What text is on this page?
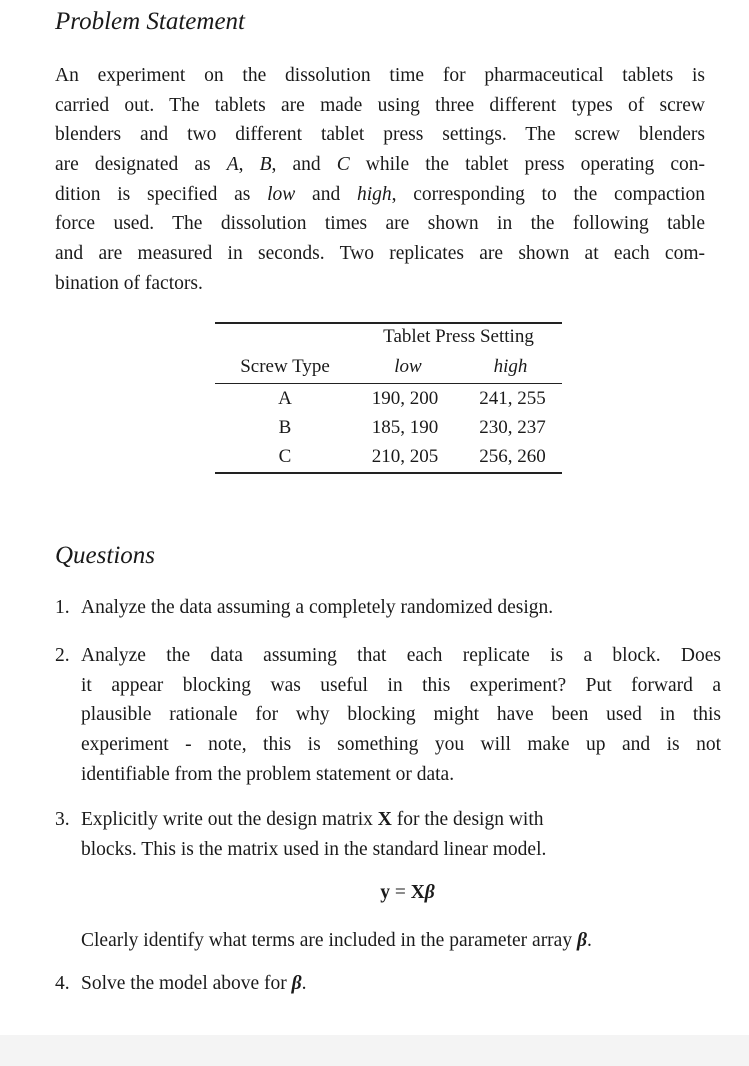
Problem Statement
An experiment on the dissolution time for pharmaceutical tablets is
carried out. The tablets are made using three different types of screw
blenders and two different tablet press settings. The screw blenders
are designated as A, B, and C while the tablet press operating con-
dition is specified as low and high, corresponding to the compaction
force used. The dissolution times are shown in the following table
and are measured in seconds. Two replicates are shown at each com-
bination of factors.
Tablet Press Setting
Screw Type	low	high
A	190, 200	241, 255
B	185, 190	230, 237
C	210, 205	256, 260
Questions
1. Analyze the data assuming a completely randomized design.
2. Analyze the data assuming that each replicate is a block. Does
it appear blocking was useful in this experiment? Put forward a
plausible rationale for why blocking might have been used in this
experiment - note, this is something you will make up and is not
identifiable from the problem statement or data.
3. Explicitly write out the design matrix X for the design with
blocks. This is the matrix used in the standard linear model.
y = Xβ
Clearly identify what terms are included in the parameter array β.
4. Solve the model above for β.
